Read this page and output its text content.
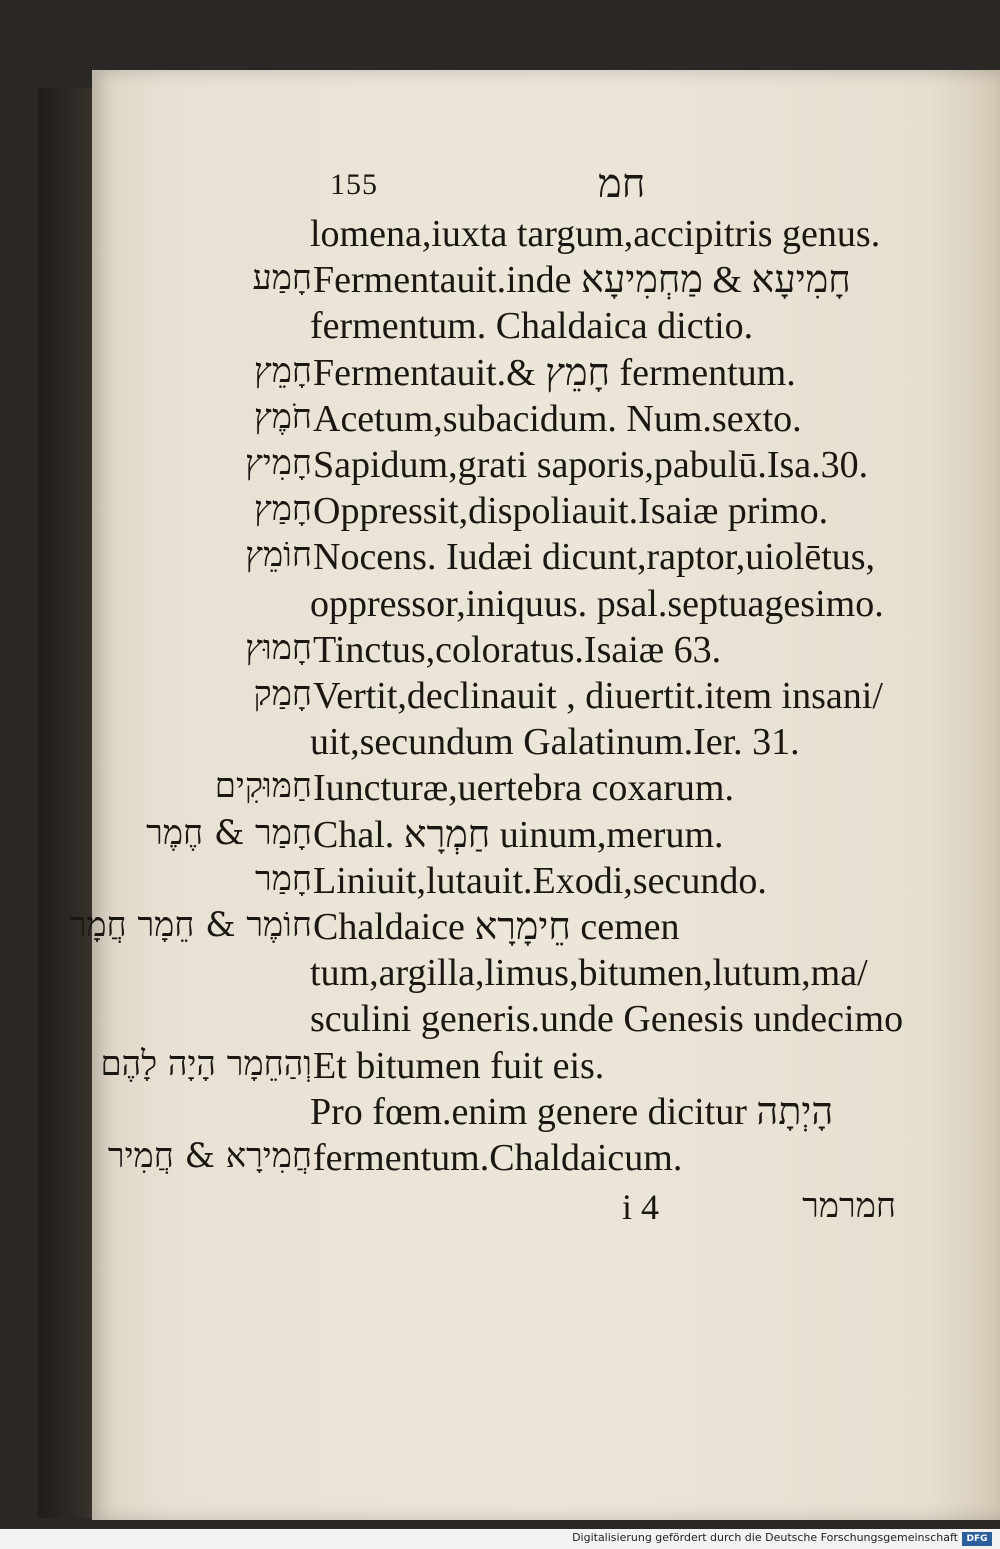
155	חמ
lomena,iuxta targum,accipitris genus.
חָמַע Fermentauit.inde חָמִיעָא & מַחְמִיעָא
fermentum. Chaldaica dictio.
חָמֵץ Fermentauit.& חָמֵץ fermentum.
חֹמֶץ Acetum,subacidum. Num.sexto.
חָמִיץ Sapidum,grati saporis,pabulū.Isa.30.
חָמַץ Oppressit,dispoliauit.Isaiæ primo.
חוֹמֵץ Nocens. Iudæi dicunt,raptor,uiolētus,
oppressor,iniquus. psal.septuagesimo.
חָמוּץ Tinctus,coloratus.Isaiæ 63.
חָמַק Vertit,declinauit , diuertit.item insani/
uit,secundum Galatinum.Ier. 31.
חַמּוּקִים Iuncturæ,uertebra coxarum.
חָמַר & חֶמֶר Chal. חַמְרָא uinum,merum.
חָמַר Liniuit,lutauit.Exodi,secundo.
חוֹמֶר & חֵמָר חֲמָר Chaldaice חֵימָרָא cemen
tum,argilla,limus,bitumen,lutum,ma/
sculini generis.unde Genesis undecimo
וְהַחֵמָר הָיָה לָהֶם Et bitumen fuit eis.
Pro fœm.enim genere dicitur הָיְתָה
חֲמִירָא & חֲמִיר fermentum.Chaldaicum.
i 4	חמרמר
Digitalisierung gefördert durch die Deutsche Forschungsgemeinschaft DFG
